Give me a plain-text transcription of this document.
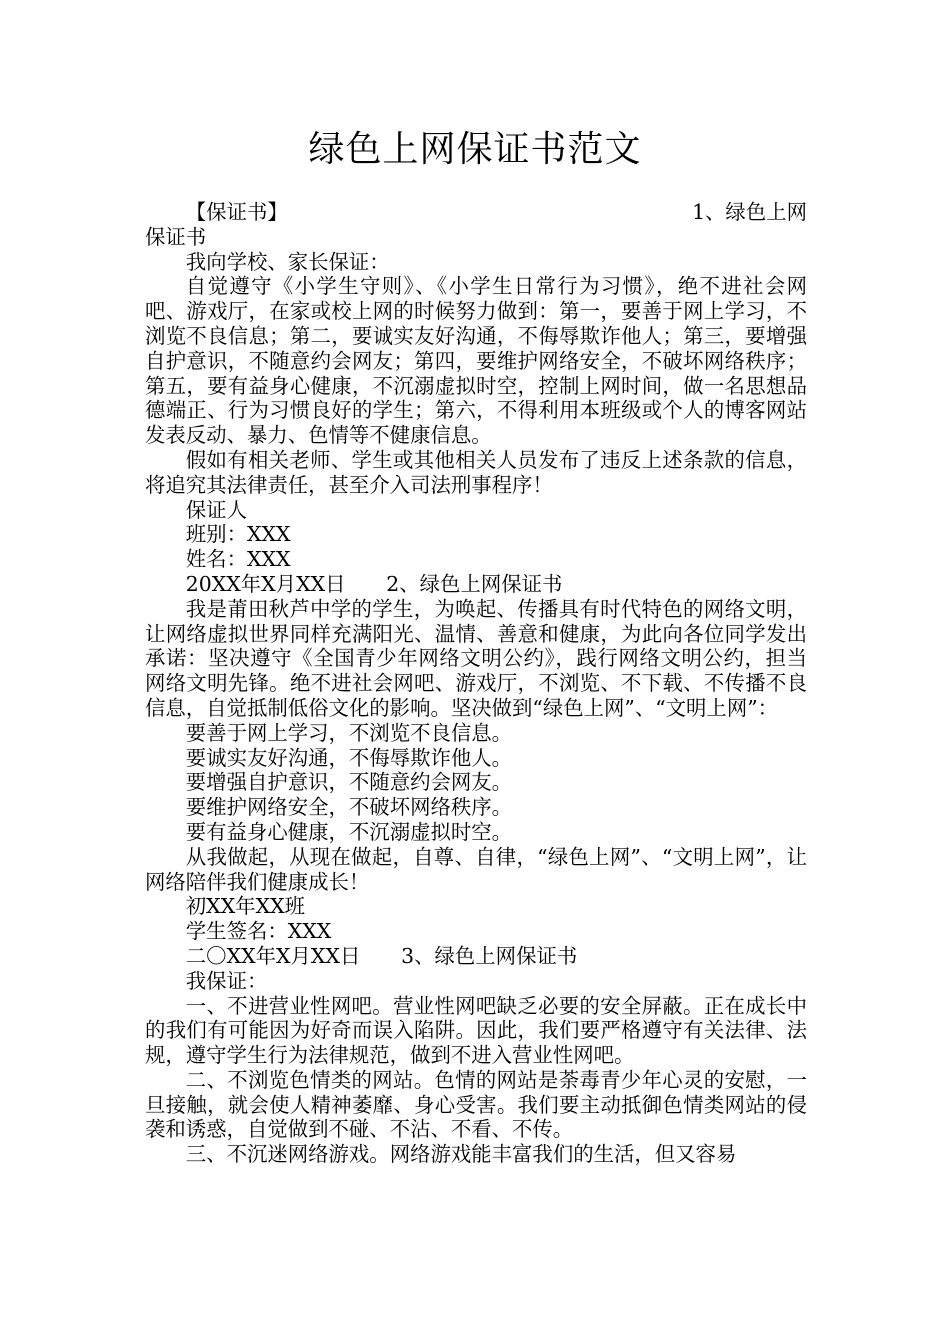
绿色上网保证书范文
【保证书】	1、绿色上网

保证书

我向学校、家长保证：

自觉遵守《小学生守则》、《小学生日常行为习惯》，绝不进社会网吧、游戏厅，在家或校上网的时候努力做到：第一，要善于网上学习，不浏览不良信息；第二，要诚实友好沟通，不侮辱欺诈他人；第三，要增强自护意识，不随意约会网友；第四，要维护网络安全，不破坏网络秩序；第五，要有益身心健康，不沉溺虚拟时空，控制上网时间，做一名思想品德端正、行为习惯良好的学生；第六，不得利用本班级或个人的博客网站发表反动、暴力、色情等不健康信息。

假如有相关老师、学生或其他相关人员发布了违反上述条款的信息，将追究其法律责任，甚至介入司法刑事程序！

保证人

班别：XXX

姓名：XXX

20XX年X月XX日 2、绿色上网保证书

我是莆田秋芦中学的学生，为唤起、传播具有时代特色的网络文明，让网络虚拟世界同样充满阳光、温情、善意和健康，为此向各位同学发出承诺：坚决遵守《全国青少年网络文明公约》，践行网络文明公约，担当网络文明先锋。绝不进社会网吧、游戏厅，不浏览、不下载、不传播不良信息，自觉抵制低俗文化的影响。坚决做到“绿色上网”、“文明上网”：

要善于网上学习，不浏览不良信息。

要诚实友好沟通，不侮辱欺诈他人。

要增强自护意识，不随意约会网友。

要维护网络安全，不破坏网络秩序。

要有益身心健康，不沉溺虚拟时空。

从我做起，从现在做起，自尊、自律，“绿色上网”、“文明上网”，让网络陪伴我们健康成长！

初XX年XX班

学生签名：XXX

二〇XX年X月XX日 3、绿色上网保证书

我保证：

一、不进营业性网吧。营业性网吧缺乏必要的安全屏蔽。正在成长中的我们有可能因为好奇而误入陷阱。因此，我们要严格遵守有关法律、法规，遵守学生行为法律规范，做到不进入营业性网吧。

二、不浏览色情类的网站。色情的网站是荼毒青少年心灵的安慰，一旦接触，就会使人精神萎靡、身心受害。我们要主动抵御色情类网站的侵袭和诱惑，自觉做到不碰、不沾、不看、不传。

三、不沉迷网络游戏。网络游戏能丰富我们的生活，但又容易
